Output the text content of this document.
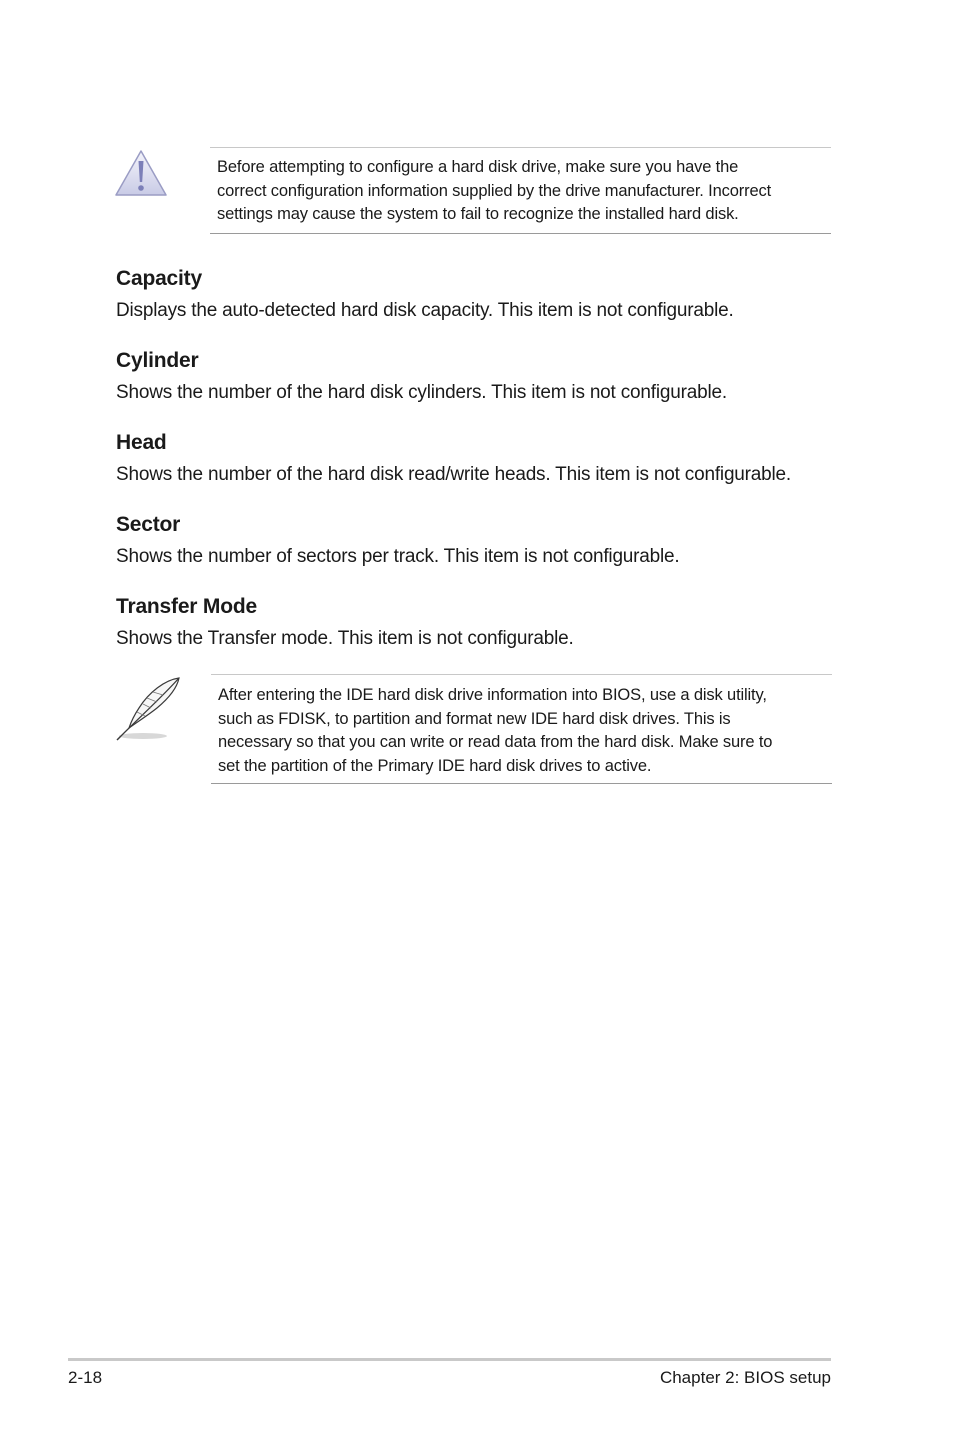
Before attempting to configure a hard disk drive, make sure you have the
correct configuration information supplied by the drive manufacturer. Incorrect
settings may cause the system to fail to recognize the installed hard disk.
Capacity

Displays the auto-detected hard disk capacity. This item is not configurable.

Cylinder

Shows the number of the hard disk cylinders. This item is not configurable.

Head

Shows the number of the hard disk read/write heads. This item is not configurable.

Sector

Shows the number of sectors per track. This item is not configurable.

Transfer Mode

Shows the Transfer mode. This item is not configurable.

After entering the IDE hard disk drive information into BIOS, use a disk utility,
such as FDISK, to partition and format new IDE hard disk drives. This is
necessary so that you can write or read data from the hard disk. Make sure to
set the partition of the Primary IDE hard disk drives to active.
2-18	Chapter 2: BIOS setup
